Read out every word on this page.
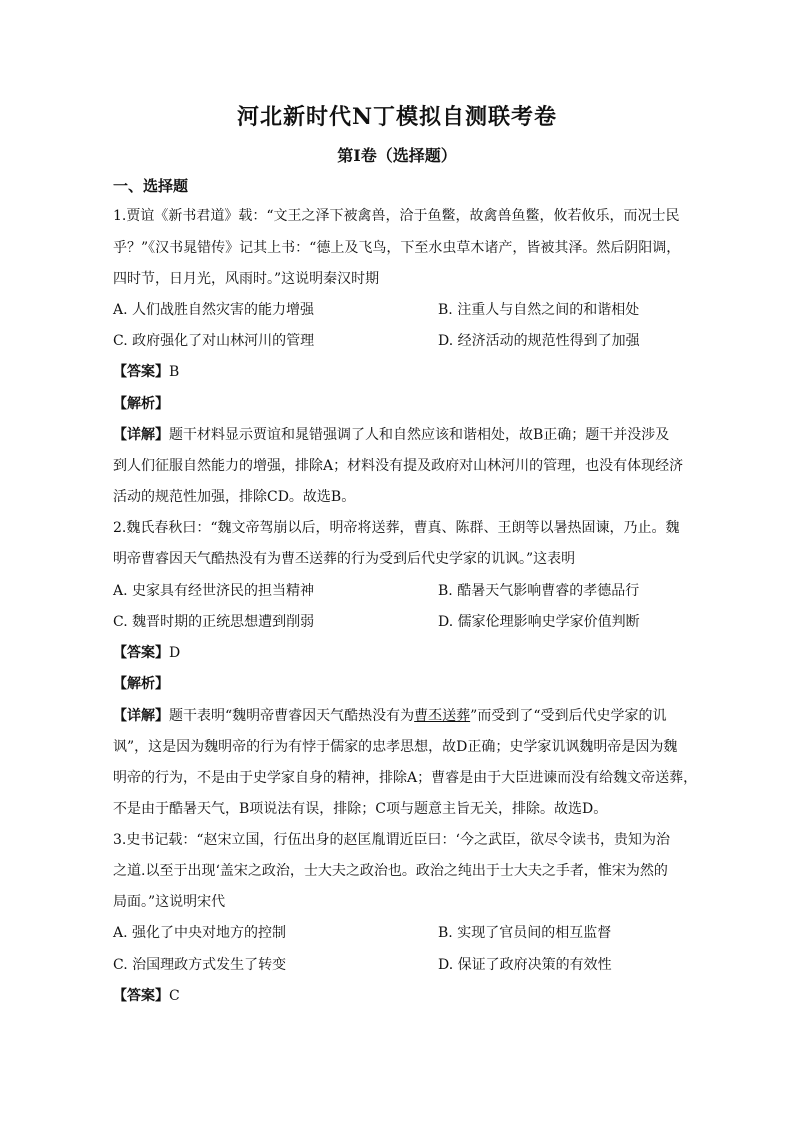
河北新时代N丁模拟自测联考卷
第I卷（选择题）
一、选择题
1.贾谊《新书君道》载：“文王之泽下被禽兽，洽于鱼鳖，故禽兽鱼鳖，攸若攸乐，而况士民
乎？”《汉书晁错传》记其上书：“德上及飞鸟，下至水虫草木诸产，皆被其泽。然后阴阳调，
四时节，日月光，风雨时。”这说明秦汉时期
A. 人们战胜自然灾害的能力增强	B. 注重人与自然之间的和谐相处
C. 政府强化了对山林河川的管理	D. 经济活动的规范性得到了加强
【答案】B
【解析】
【详解】题干材料显示贾谊和晁错强调了人和自然应该和谐相处，故B正确；题干并没涉及
到人们征服自然能力的增强，排除A；材料没有提及政府对山林河川的管理，也没有体现经济
活动的规范性加强，排除CD。故选B。
2.魏氏春秋曰：“魏文帝驾崩以后，明帝将送葬，曹真、陈群、王朗等以暑热固谏，乃止。魏
明帝曹睿因天气酷热没有为曹丕送葬的行为受到后代史学家的讥讽。”这表明
A. 史家具有经世济民的担当精神	B. 酷暑天气影响曹睿的孝德品行
C. 魏晋时期的正统思想遭到削弱	D. 儒家伦理影响史学家价值判断
【答案】D
【解析】
【详解】题干表明“魏明帝曹睿因天气酷热没有为曹丕送葬”而受到了“受到后代史学家的讥
讽”，这是因为魏明帝的行为有悖于儒家的忠孝思想，故D正确；史学家讥讽魏明帝是因为魏
明帝的行为，不是由于史学家自身的精神，排除A；曹睿是由于大臣进谏而没有给魏文帝送葬，
不是由于酷暑天气，B项说法有误，排除；C项与题意主旨无关，排除。故选D。
3.史书记载：“赵宋立国，行伍出身的赵匡胤谓近臣曰：‘今之武臣，欲尽令读书，贵知为治
之道.以至于出现‘盖宋之政治，士大夫之政治也。政治之纯出于士大夫之手者，惟宋为然的
局面。”这说明宋代
A. 强化了中央对地方的控制	B. 实现了官员间的相互监督
C. 治国理政方式发生了转变	D. 保证了政府决策的有效性
【答案】C
